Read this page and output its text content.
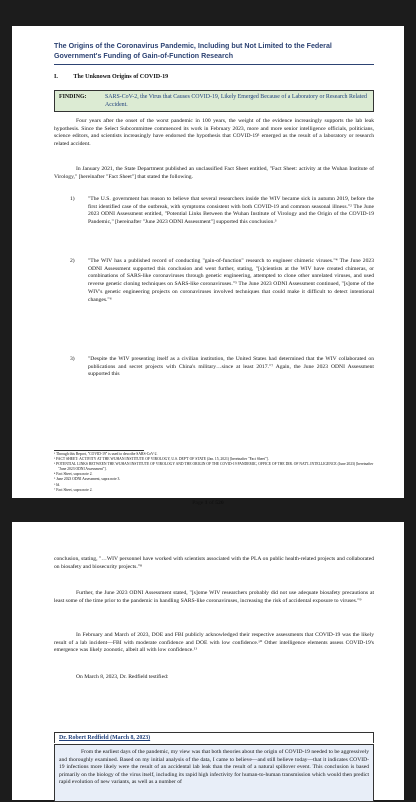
The Origins of the Coronavirus Pandemic, Including but Not Limited to the Federal Government's Funding of Gain-of-Function Research
I.	The Unknown Origins of COVID-19
FINDING:	SARS-CoV-2, the Virus that Causes COVID-19, Likely Emerged Because of a Laboratory or Research Related Accident.
Four years after the onset of the worst pandemic in 100 years, the weight of the evidence increasingly supports the lab leak hypothesis. Since the Select Subcommittee commenced its work in February 2023, more and more senior intelligence officials, politicians, science editors, and scientists increasingly have endorsed the hypothesis that COVID-19¹ emerged as the result of a laboratory or research related accident.
In January 2021, the State Department published an unclassified Fact Sheet entitled, "Fact Sheet: activity at the Wuhan Institute of Virology," [hereinafter "Fact Sheet"] that stated the following.
1) "The U.S. government has reason to believe that several researchers inside the WIV became sick in autumn 2019, before the first identified case of the outbreak, with symptoms consistent with both COVID-19 and common seasonal illness."² The June 2023 ODNI Assessment entitled, "Potential Links Between the Wuhan Institute of Virology and the Origin of the COVID-19 Pandemic," [hereinafter "June 2023 ODNI Assessment"] supported this conclusion.³
2) "The WIV has a published record of conducting "gain-of-function" research to engineer chimeric viruses."⁴ The June 2023 ODNI Assessment supported this conclusion and went further, stating, "[s]cientists at the WIV have created chimeras, or combinations of SARS-like coronaviruses through genetic engineering, attempted to clone other unrelated viruses, and used reverse genetic cloning techniques on SARS-like coronaviruses."⁵ The June 2023 ODNI Assessment continued, "[s]ome of the WIV's genetic engineering projects on coronaviruses involved techniques that could make it difficult to detect intentional changes."⁶
3) "Despite the WIV presenting itself as a civilian institution, the United States had determined that the WIV collaborated on publications and secret projects with China's military…since at least 2017."⁷ Again, the June 2023 ODNI Assessment supported this
¹ Through this Report, "COVID-19" is used to describe SARS-CoV-2.
² FACT SHEET: ACTIVITY AT THE WUHAN INSTITUTE OF VIROLOGY, U.S. DEP'T OF STATE (Jan. 15, 2021) [hereinafter "Fact Sheet"].
³ POTENTIAL LINKS BETWEEN THE WUHAN INSTITUTE OF VIROLOGY AND THE ORIGIN OF THE COVID-19 PANDEMIC, OFFICE OF THE DIR. OF NAT'L INTELLIGENCE (June 2023) [hereinafter "June 2023 ODNI Assessment"].
⁴ Fact Sheet, supra note 2.
⁵ June 2023 ODNI Assessment, supra note 3.
⁶ Id.
⁷ Fact Sheet, supra note 2.
Page 1 of 520
conclusion, stating, "…WIV personnel have worked with scientists associated with the PLA on public health-related projects and collaborated on biosafety and biosecurity projects."⁸
Further, the June 2023 ODNI Assessment stated, "[s]ome WIV researchers probably did not use adequate biosafety precautions at least some of the time prior to the pandemic in handling SARS-like coronaviruses, increasing the risk of accidental exposure to viruses."⁹
In February and March of 2023, DOE and FBI publicly acknowledged their respective assessments that COVID-19 was the likely result of a lab incident—FBI with moderate confidence and DOE with low confidence.¹⁰ Other intelligence elements assess COVID-19's emergence was likely zoonotic, albeit all with low confidence.¹¹
On March 8, 2023, Dr. Redfield testified:
Dr. Robert Redfield (March 8, 2023)
From the earliest days of the pandemic, my view was that both theories about the origin of COVID-19 needed to be aggressively and thoroughly examined. Based on my initial analysis of the data, I came to believe—and still believe today—that it indicates COVID-19 infections more likely were the result of an accidental lab leak than the result of a natural spillover event. This conclusion is based primarily on the biology of the virus itself, including its rapid high infectivity for human-to-human transmission which would then predict rapid evolution of new variants, as well as a number of
